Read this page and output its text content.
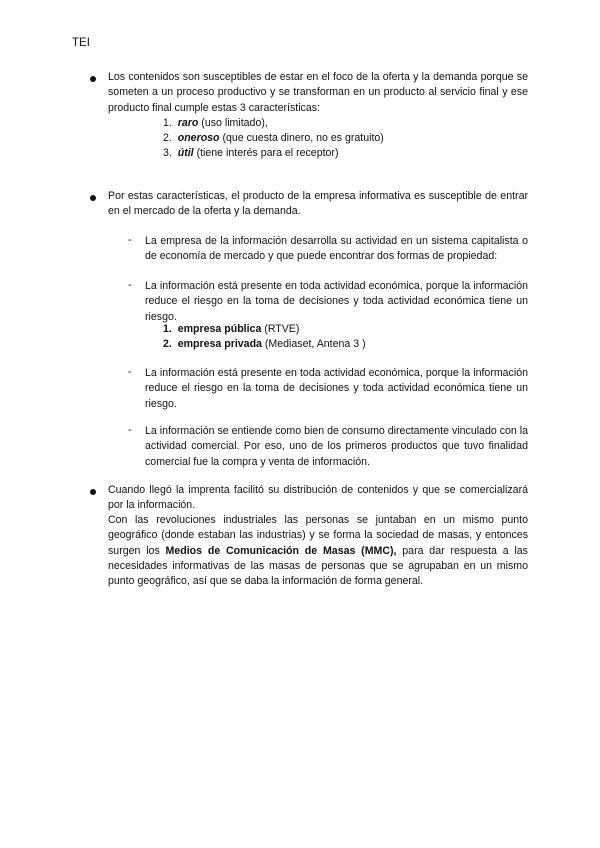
TEI
Los contenidos son susceptibles de estar en el foco de la oferta y la demanda porque se someten a un proceso productivo y se transforman en un producto al servicio final y ese producto final cumple estas 3 características:
1. raro (uso limitado),
2. oneroso (que cuesta dinero, no es gratuito)
3. útil (tiene interés para el receptor)
Por estas características, el producto de la empresa informativa es susceptible de entrar en el mercado de la oferta y la demanda.
- La empresa de la información desarrolla su actividad en un sistema capitalista o de economía de mercado y que puede encontrar dos formas de propiedad:
- La información está presente en toda actividad económica, porque la información reduce el riesgo en la toma de decisiones y toda actividad económica tiene un riesgo.
1. empresa pública (RTVE)
2. empresa privada (Mediaset, Antena 3 )
- La información está presente en toda actividad económica, porque la información reduce el riesgo en la toma de decisiones y toda actividad económica tiene un riesgo.
- La información se entiende como bien de consumo directamente vinculado con la actividad comercial. Por eso, uno de los primeros productos que tuvo finalidad comercial fue la compra y venta de información.
Cuando llegó la imprenta facilitó su distribución de contenidos y que se comercializará por la información.
Con las revoluciones industriales las personas se juntaban en un mismo punto geográfico (donde estaban las industrias) y se forma la sociedad de masas, y entonces surgen los Medios de Comunicación de Masas (MMC), para dar respuesta a las necesidades informativas de las masas de personas que se agrupaban en un mismo punto geográfico, así que se daba la información de forma general.
